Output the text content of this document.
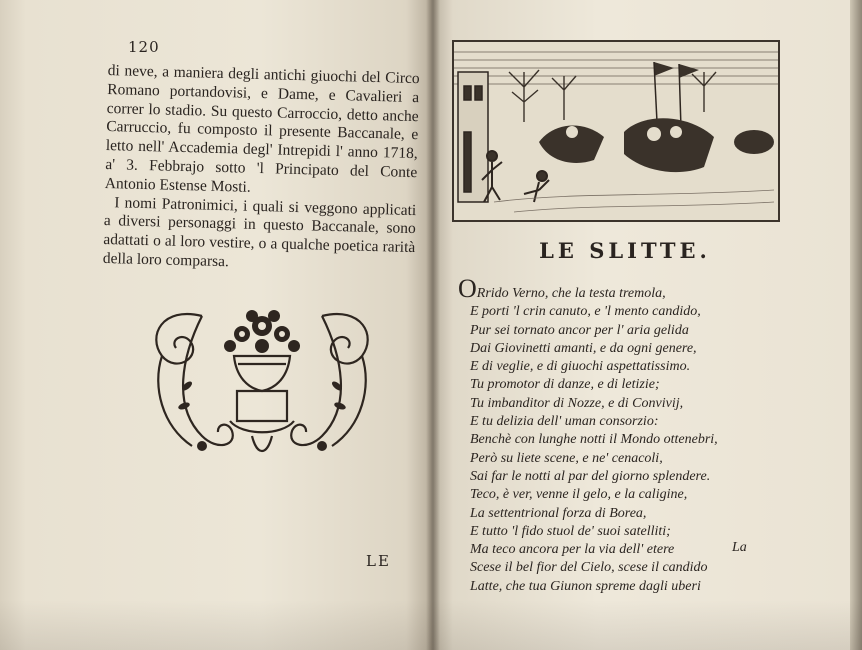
120

di neve, a maniera degli antichi giuochi del Circo Romano portandovisi, e Dame, e Cavalieri a correr lo stadio. Su questo Carroccio, detto anche Carruccio, fu composto il presente Baccanale, e letto nell' Accademia degl' Intrepidi l' anno 1718, a' 3. Febbrajo sotto 'l Principato del Conte Antonio Estense Mosti.

I nomi Patronimici, i quali si veggono applicati a diversi personaggi in questo Baccanale, sono adattati o al loro vestire, o a qualche poetica rarità della loro comparsa.

LE
LE SLITTE.
ORrido Verno, che la testa tremola,
E porti 'l crin canuto, e 'l mento candido,
Pur sei tornato ancor per l' aria gelida
Dai Giovinetti amanti, e da ogni genere,
E di veglie, e di giuochi aspettatissimo.
Tu promotor di danze, e di letizie;
Tu imbanditor di Nozze, e di Conviviј,
E tu delizia dell' uman consorzio:
Benchè con lunghe notti il Mondo ottenebri,
Però su liete scene, e ne' cenacoli,
Sai far le notti al par del giorno splendere.
Teco, è ver, venne il gelo, e la caligine,
La settentrional forza di Borea,
E tutto 'l fido stuol de' suoi satelliti;
Ma teco ancora per la via dell' etere
Scese il bel fior del Cielo, scese il candido
Latte, che tua Giunon spreme dagli uberi
La
